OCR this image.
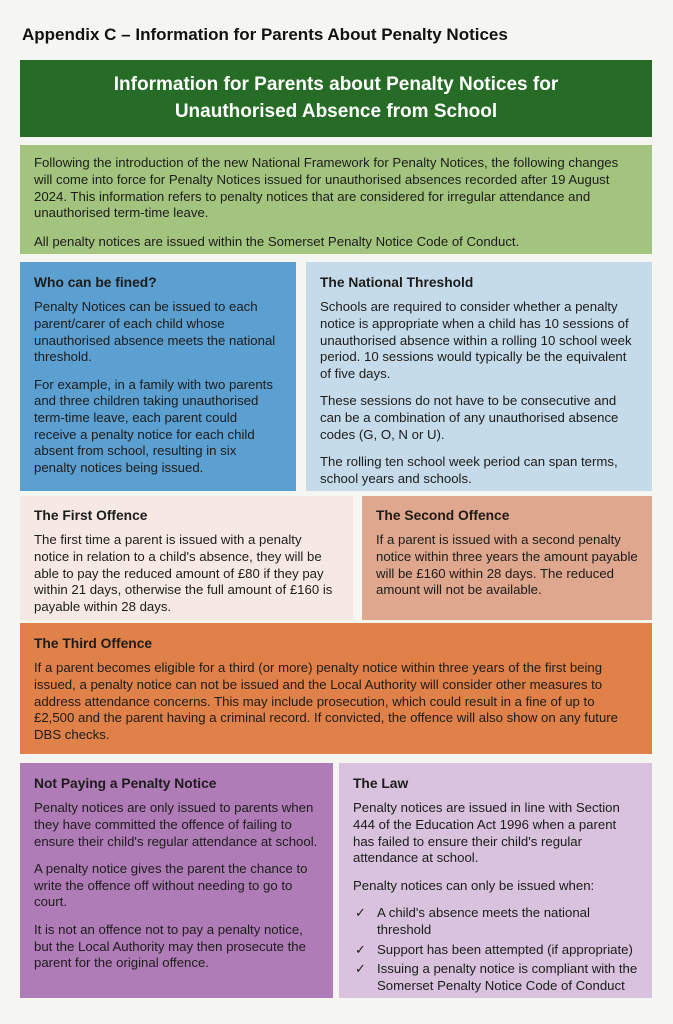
Appendix C – Information for Parents About Penalty Notices
Information for Parents about Penalty Notices for Unauthorised Absence from School

Following the introduction of the new National Framework for Penalty Notices, the following changes will come into force for Penalty Notices issued for unauthorised absences recorded after 19 August 2024. This information refers to penalty notices that are considered for irregular attendance and unauthorised term-time leave.

All penalty notices are issued within the Somerset Penalty Notice Code of Conduct.

Who can be fined?

Penalty Notices can be issued to each parent/carer of each child whose unauthorised absence meets the national threshold.

For example, in a family with two parents and three children taking unauthorised term-time leave, each parent could receive a penalty notice for each child absent from school, resulting in six penalty notices being issued.

The National Threshold

Schools are required to consider whether a penalty notice is appropriate when a child has 10 sessions of unauthorised absence within a rolling 10 school week period. 10 sessions would typically be the equivalent of five days.

These sessions do not have to be consecutive and can be a combination of any unauthorised absence codes (G, O, N or U).

The rolling ten school week period can span terms, school years and schools.

The First Offence

The first time a parent is issued with a penalty notice in relation to a child's absence, they will be able to pay the reduced amount of £80 if they pay within 21 days, otherwise the full amount of £160 is payable within 28 days.

The Second Offence

If a parent is issued with a second penalty notice within three years the amount payable will be £160 within 28 days. The reduced amount will not be available.

The Third Offence

If a parent becomes eligible for a third (or more) penalty notice within three years of the first being issued, a penalty notice can not be issued and the Local Authority will consider other measures to address attendance concerns. This may include prosecution, which could result in a fine of up to £2,500 and the parent having a criminal record. If convicted, the offence will also show on any future DBS checks.

Not Paying a Penalty Notice

Penalty notices are only issued to parents when they have committed the offence of failing to ensure their child's regular attendance at school.

A penalty notice gives the parent the chance to write the offence off without needing to go to court.

It is not an offence not to pay a penalty notice, but the Local Authority may then prosecute the parent for the original offence.

The Law

Penalty notices are issued in line with Section 444 of the Education Act 1996 when a parent has failed to ensure their child's regular attendance at school.

Penalty notices can only be issued when:

✓ A child's absence meets the national threshold
✓ Support has been attempted (if appropriate)
✓ Issuing a penalty notice is compliant with the Somerset Penalty Notice Code of Conduct
